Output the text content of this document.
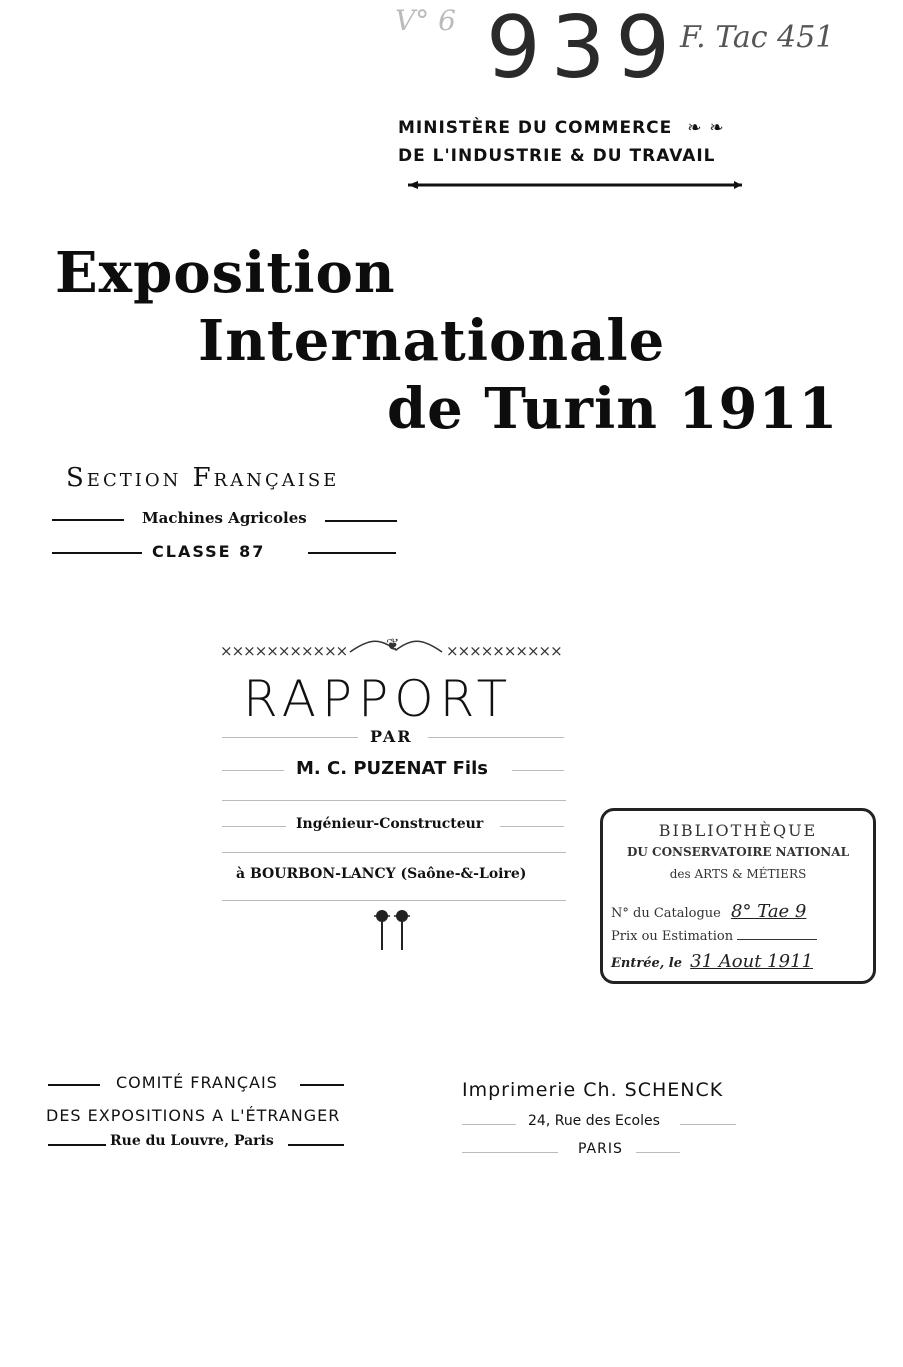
V° 6 939 F. Tac 451
MINISTÈRE DU COMMERCE ❧ ❧
DE L'INDUSTRIE & DU TRAVAIL
Exposition
Internationale
de Turin 1911
Section Française
Machines Agricoles
CLASSE 87
×××××××××××	××××××××××
❦
RAPPORT
PAR
M. C. PUZENAT Fils
Ingénieur-Constructeur
à BOURBON-LANCY (Saône-&-Loire)
BIBLIOTHÈQUE
DU CONSERVATOIRE NATIONAL
des ARTS & MÉTIERS
N° du Catalogue 8° Tae 9
Prix ou Estimation
Entrée, le 31 Aout 1911
COMITÉ FRANÇAIS
DES EXPOSITIONS A L'ÉTRANGER
Rue du Louvre, Paris
Imprimerie Ch. SCHENCK
24, Rue des Ecoles
PARIS
